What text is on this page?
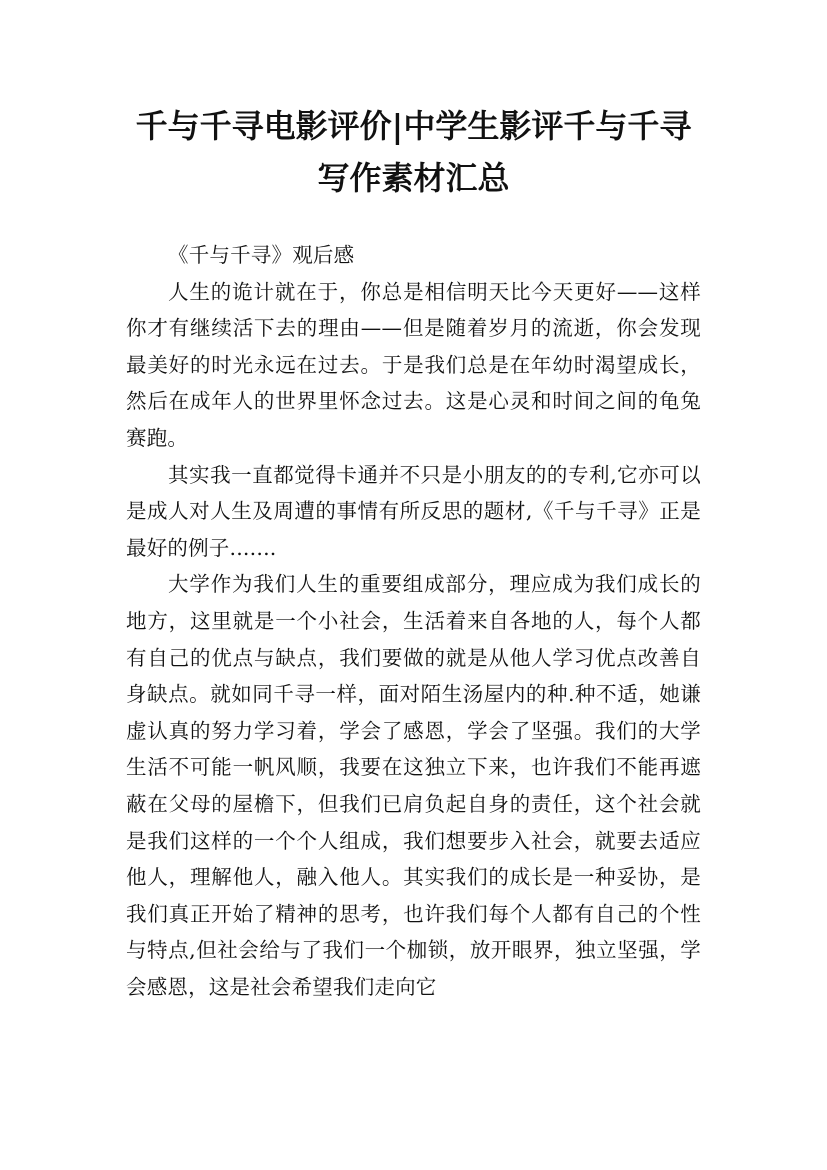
千与千寻电影评价|中学生影评千与千寻写作素材汇总

《千与千寻》观后感

人生的诡计就在于，你总是相信明天比今天更好——这样你才有继续活下去的理由——但是随着岁月的流逝，你会发现最美好的时光永远在过去。于是我们总是在年幼时渴望成长，然后在成年人的世界里怀念过去。这是心灵和时间之间的龟兔赛跑。

其实我一直都觉得卡通并不只是小朋友的的专利,它亦可以是成人对人生及周遭的事情有所反思的题材,《千与千寻》正是最好的例子.......

大学作为我们人生的重要组成部分，理应成为我们成长的地方，这里就是一个小社会，生活着来自各地的人，每个人都有自己的优点与缺点，我们要做的就是从他人学习优点改善自身缺点。就如同千寻一样，面对陌生汤屋内的种.种不适，她谦虚认真的努力学习着，学会了感恩，学会了坚强。我们的大学生活不可能一帆风顺，我要在这独立下来，也许我们不能再遮蔽在父母的屋檐下，但我们已肩负起自身的责任，这个社会就是我们这样的一个个人组成，我们想要步入社会，就要去适应他人，理解他人，融入他人。其实我们的成长是一种妥协，是我们真正开始了精神的思考，也许我们每个人都有自己的个性与特点,但社会给与了我们一个枷锁，放开眼界，独立坚强，学会感恩，这是社会希望我们走向它
